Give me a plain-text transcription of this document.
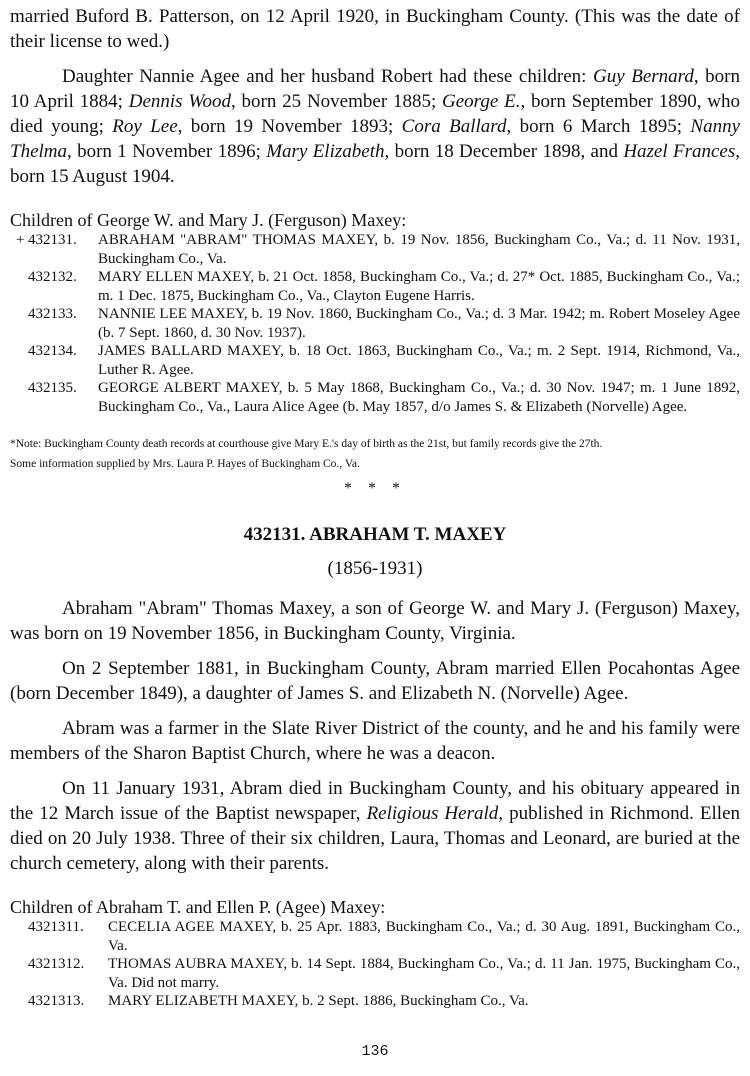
married Buford B. Patterson, on 12 April 1920, in Buckingham County. (This was the date of their license to wed.)

Daughter Nannie Agee and her husband Robert had these children: Guy Bernard, born 10 April 1884; Dennis Wood, born 25 November 1885; George E., born September 1890, who died young; Roy Lee, born 19 November 1893; Cora Ballard, born 6 March 1895; Nanny Thelma, born 1 November 1896; Mary Elizabeth, born 18 December 1898, and Hazel Frances, born 15 August 1904.

Children of George W. and Mary J. (Ferguson) Maxey:

+ 432131.	ABRAHAM "ABRAM" THOMAS MAXEY, b. 19 Nov. 1856, Buckingham Co., Va.; d. 11 Nov. 1931, Buckingham Co., Va.
432132.	MARY ELLEN MAXEY, b. 21 Oct. 1858, Buckingham Co., Va.; d. 27* Oct. 1885, Buckingham Co., Va.; m. 1 Dec. 1875, Buckingham Co., Va., Clayton Eugene Harris.
432133.	NANNIE LEE MAXEY, b. 19 Nov. 1860, Buckingham Co., Va.; d. 3 Mar. 1942; m. Robert Moseley Agee (b. 7 Sept. 1860, d. 30 Nov. 1937).
432134.	JAMES BALLARD MAXEY, b. 18 Oct. 1863, Buckingham Co., Va.; m. 2 Sept. 1914, Richmond, Va., Luther R. Agee.
432135.	GEORGE ALBERT MAXEY, b. 5 May 1868, Buckingham Co., Va.; d. 30 Nov. 1947; m. 1 June 1892, Buckingham Co., Va., Laura Alice Agee (b. May 1857, d/o James S. & Elizabeth (Norvelle) Agee.
*Note: Buckingham County death records at courthouse give Mary E.'s day of birth as the 21st, but family records give the 27th.
Some information supplied by Mrs. Laura P. Hayes of Buckingham Co., Va.
* * *
432131. ABRAHAM T. MAXEY
(1856-1931)

Abraham "Abram" Thomas Maxey, a son of George W. and Mary J. (Ferguson) Maxey, was born on 19 November 1856, in Buckingham County, Virginia.

On 2 September 1881, in Buckingham County, Abram married Ellen Pocahontas Agee (born December 1849), a daughter of James S. and Elizabeth N. (Norvelle) Agee.

Abram was a farmer in the Slate River District of the county, and he and his family were members of the Sharon Baptist Church, where he was a deacon.

On 11 January 1931, Abram died in Buckingham County, and his obituary appeared in the 12 March issue of the Baptist newspaper, Religious Herald, published in Richmond. Ellen died on 20 July 1938. Three of their six children, Laura, Thomas and Leonard, are buried at the church cemetery, along with their parents.

Children of Abraham T. and Ellen P. (Agee) Maxey:

4321311.	CECELIA AGEE MAXEY, b. 25 Apr. 1883, Buckingham Co., Va.; d. 30 Aug. 1891, Buckingham Co., Va.
4321312.	THOMAS AUBRA MAXEY, b. 14 Sept. 1884, Buckingham Co., Va.; d. 11 Jan. 1975, Buckingham Co., Va. Did not marry.
4321313.	MARY ELIZABETH MAXEY, b. 2 Sept. 1886, Buckingham Co., Va.
136
